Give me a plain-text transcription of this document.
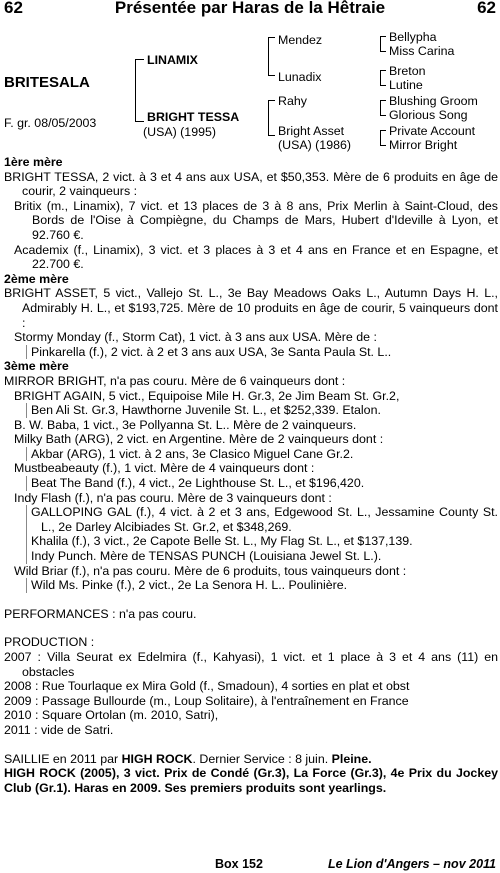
62	Présentée par Haras de la Hêtraie	62
BRITESALA
F. gr. 08/05/2003
LINAMIX
BRIGHT TESSA
(USA) (1995)
Mendez
Lunadix
Rahy
Bright Asset
(USA) (1986)
Bellypha
Miss Carina
Breton
Lutine
Blushing Groom
Glorious Song
Private Account
Mirror Bright

1ère mère

BRIGHT TESSA, 2 vict. à 3 et 4 ans aux USA, et $50,353. Mère de 6 produits en âge de courir, 2 vainqueurs :

Britix (m., Linamix), 7 vict. et 13 places de 3 à 8 ans, Prix Merlin à Saint-Cloud, des Bords de l'Oise à Compiègne, du Champs de Mars, Hubert d'Ideville à Lyon, et 92.760 €.

Academix (f., Linamix), 3 vict. et 3 places à 3 et 4 ans en France et en Espagne, et 22.700 €.

2ème mère

BRIGHT ASSET, 5 vict., Vallejo St. L., 3e Bay Meadows Oaks L., Autumn Days H. L., Admirably H. L., et $193,725. Mère de 10 produits en âge de courir, 5 vainqueurs dont :

Stormy Monday (f., Storm Cat), 1 vict. à 3 ans aux USA. Mère de :

Pinkarella (f.), 2 vict. à 2 et 3 ans aux USA, 3e Santa Paula St. L..

3ème mère

MIRROR BRIGHT, n'a pas couru. Mère de 6 vainqueurs dont :

BRIGHT AGAIN, 5 vict., Equipoise Mile H. Gr.3, 2e Jim Beam St. Gr.2,

Ben Ali St. Gr.3, Hawthorne Juvenile St. L., et $252,339. Etalon.

B. W. Baba, 1 vict., 3e Pollyanna St. L.. Mère de 2 vainqueurs.

Milky Bath (ARG), 2 vict. en Argentine. Mère de 2 vainqueurs dont :

Akbar (ARG), 1 vict. à 2 ans, 3e Clasico Miguel Cane Gr.2.

Mustbeabeauty (f.), 1 vict. Mère de 4 vainqueurs dont :

Beat The Band (f.), 4 vict., 2e Lighthouse St. L., et $196,420.

Indy Flash (f.), n'a pas couru. Mère de 3 vainqueurs dont :

GALLOPING GAL (f.), 4 vict. à 2 et 3 ans, Edgewood St. L., Jessamine County St. L., 2e Darley Alcibiades St. Gr.2, et $348,269.

Khalila (f.), 3 vict., 2e Capote Belle St. L., My Flag St. L., et $137,139.

Indy Punch. Mère de TENSAS PUNCH (Louisiana Jewel St. L.).

Wild Briar (f.), n'a pas couru. Mère de 6 produits, tous vainqueurs dont :

Wild Ms. Pinke (f.), 2 vict., 2e La Senora H. L.. Poulinière.

PERFORMANCES : n'a pas couru.

PRODUCTION :

2007 : Villa Seurat ex Edelmira (f., Kahyasi), 1 vict. et 1 place à 3 et 4 ans (11) en obstacles

2008 : Rue Tourlaque ex Mira Gold (f., Smadoun), 4 sorties en plat et obst

2009 : Passage Bullourde (m., Loup Solitaire), à l'entraînement en France

2010 : Square Ortolan (m. 2010, Satri),

2011 : vide de Satri.

SAILLIE en 2011 par HIGH ROCK. Dernier Service : 8 juin. Pleine.

HIGH ROCK (2005), 3 vict. Prix de Condé (Gr.3), La Force (Gr.3), 4e Prix du Jockey Club (Gr.1). Haras en 2009. Ses premiers produits sont yearlings.

Box 152	Le Lion d'Angers – nov 2011
